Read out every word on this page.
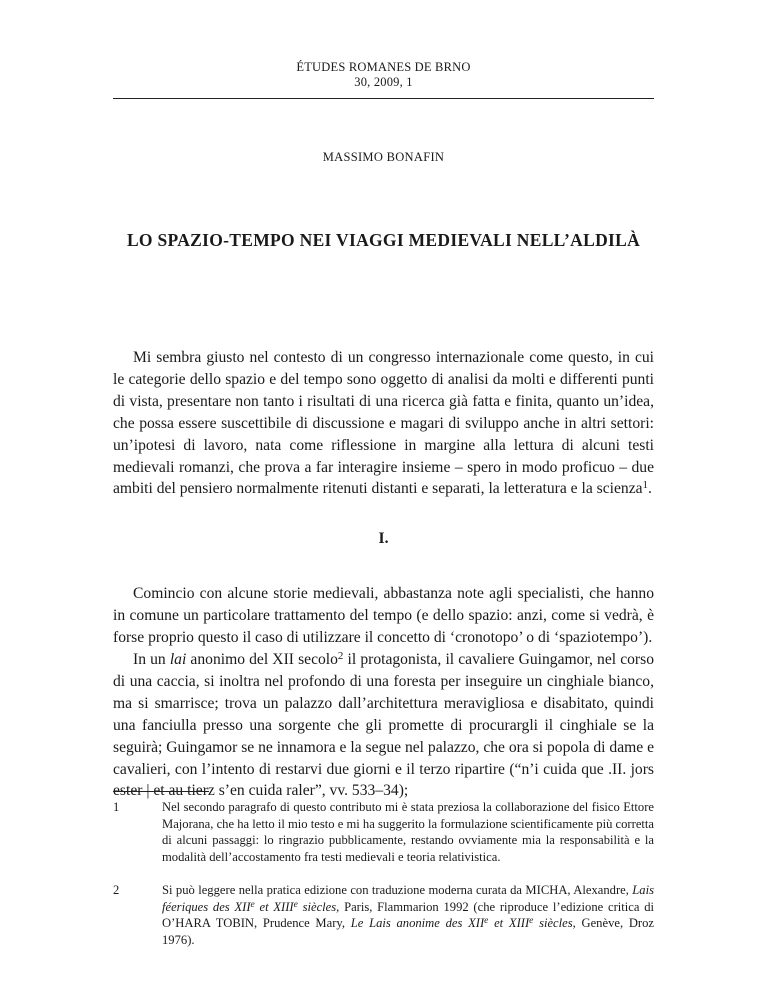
ÉTUDES ROMANES DE BRNO
30, 2009, 1
MASSIMO BONAFIN
LO SPAZIO-TEMPO NEI VIAGGI MEDIEVALI NELL’ALDILÀ

Mi sembra giusto nel contesto di un congresso internazionale come questo, in cui le categorie dello spazio e del tempo sono oggetto di analisi da molti e differenti punti di vista, presentare non tanto i risultati di una ricerca già fatta e finita, quanto un’idea, che possa essere suscettibile di discussione e magari di sviluppo anche in altri settori: un’ipotesi di lavoro, nata come riflessione in margine alla lettura di alcuni testi medievali romanzi, che prova a far interagire insieme – spero in modo proficuo – due ambiti del pensiero normalmente ritenuti distanti e separati, la letteratura e la scienza$^1$.

I.

Comincio con alcune storie medievali, abbastanza note agli specialisti, che hanno in comune un particolare trattamento del tempo (e dello spazio: anzi, come si vedrà, è forse proprio questo il caso di utilizzare il concetto di ‘cronotopo’ o di ‘spaziotempo’).

In un lai anonimo del XII secolo$^2$ il protagonista, il cavaliere Guingamor, nel corso di una caccia, si inoltra nel profondo di una foresta per inseguire un cinghiale bianco, ma si smarrisce; trova un palazzo dall’architettura meravigliosa e disabitato, quindi una fanciulla presso una sorgente che gli promette di procurargli il cinghiale se la seguirà; Guingamor se ne innamora e la segue nel palazzo, che ora si popola di dame e cavalieri, con l’intento di restarvi due giorni e il terzo ripartire (“n’i cuida que .II. jors ester | et au tierz s’en cuida raler”, vv. 533–34);

1	Nel secondo paragrafo di questo contributo mi è stata preziosa la collaborazione del fisico Ettore Majorana, che ha letto il mio testo e mi ha suggerito la formulazione scientificamente più corretta di alcuni passaggi: lo ringrazio pubblicamente, restando ovviamente mia la responsabilità e la modalità dell’accostamento fra testi medievali e teoria relativistica.
2	Si può leggere nella pratica edizione con traduzione moderna curata da MICHA, Alexandre, Lais féeriques des XIIe et XIIIe siècles, Paris, Flammarion 1992 (che riproduce l’edizione critica di O’HARA TOBIN, Prudence Mary, Le Lais anonime des XIIe et XIIIe siècles, Genève, Droz 1976).
